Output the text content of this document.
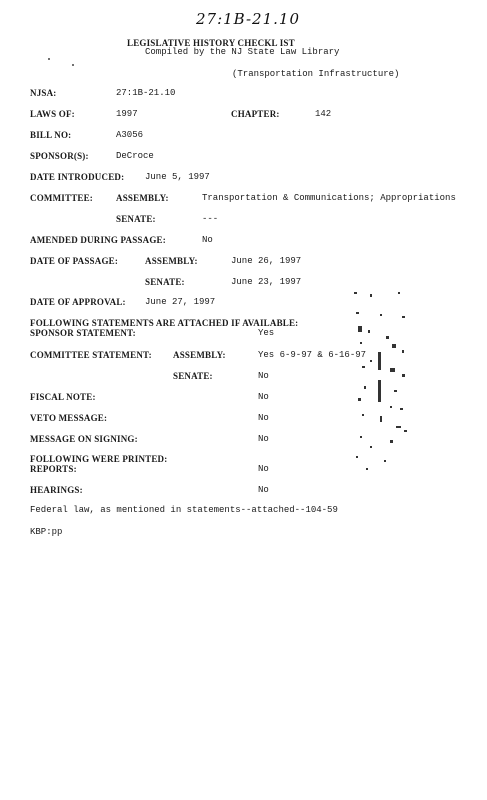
27:1B-21.10
LEGISLATIVE HISTORY CHECKL IST
Compiled by the NJ State Law Library
(Transportation Infrastructure)
NJSA:	27:1B-21.10
LAWS OF:	1997	CHAPTER:	142
BILL NO:	A3056
SPONSOR(S):	DeCroce
DATE INTRODUCED: June 5, 1997
COMMITTEE:	ASSEMBLY:	Transportation & Communications; Appropriations
SENATE:	---
AMENDED DURING PASSAGE:	No
DATE OF PASSAGE:	ASSEMBLY:	June 26, 1997
SENATE:	June 23, 1997
DATE OF APPROVAL: June 27, 1997
FOLLOWING STATEMENTS ARE ATTACHED IF AVAILABLE:
SPONSOR STATEMENT:	Yes
COMMITTEE STATEMENT: ASSEMBLY:	Yes 6-9-97 & 6-16-97
SENATE:	No
FISCAL NOTE:	No
VETO MESSAGE:	No
MESSAGE ON SIGNING:	No
FOLLOWING WERE PRINTED:
REPORTS:	No
HEARINGS:	No
Federal law, as mentioned in statements--attached--104-59
KBP:pp
